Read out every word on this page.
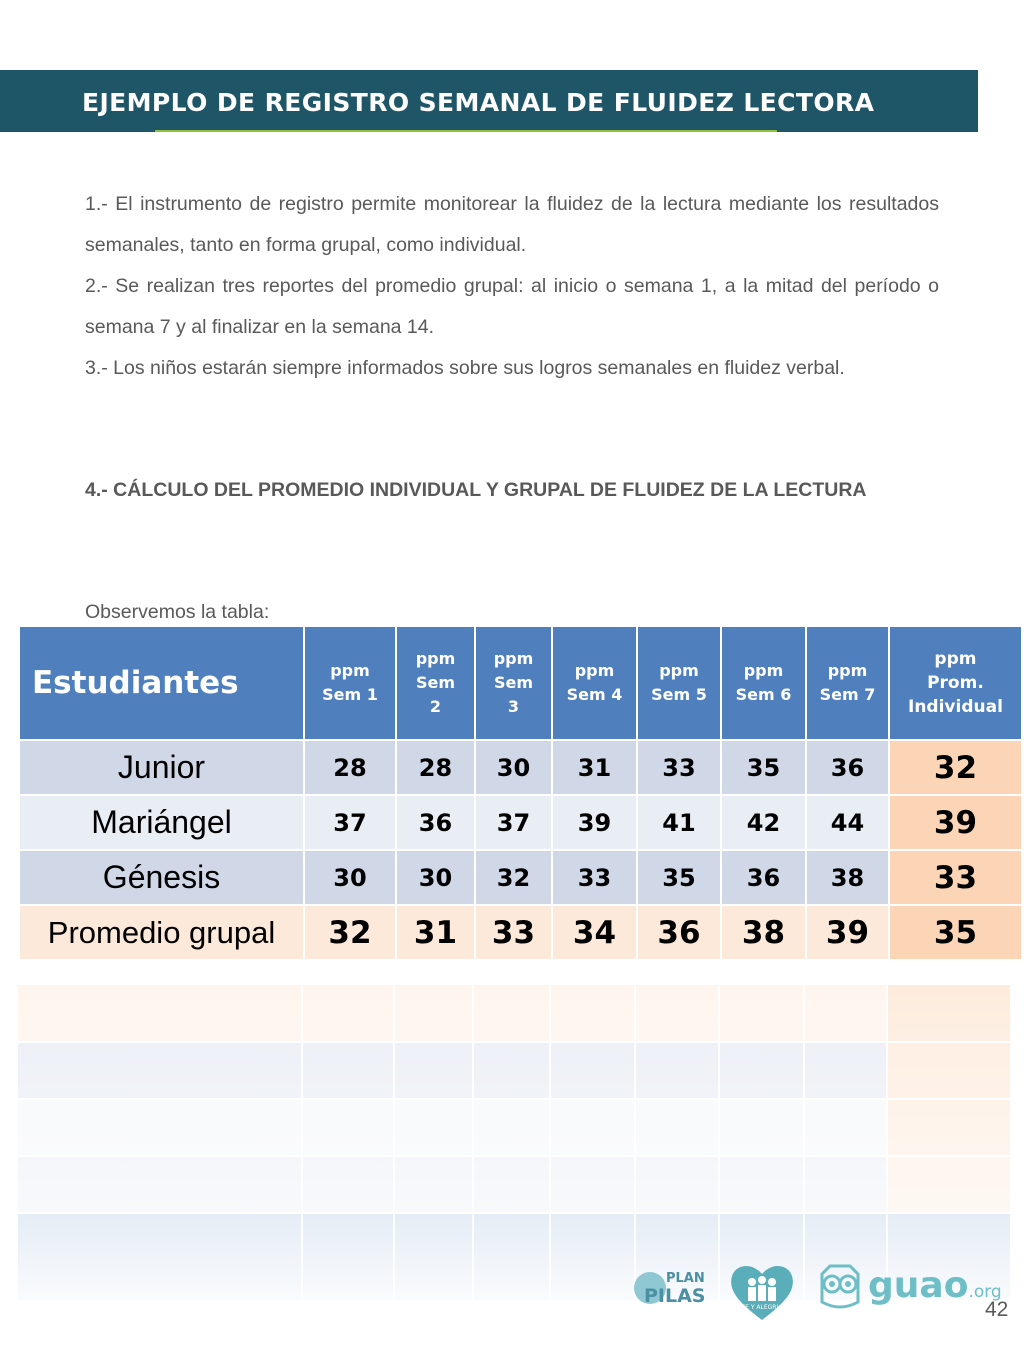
EJEMPLO DE REGISTRO SEMANAL DE FLUIDEZ LECTORA
1.- El instrumento de registro permite monitorear la fluidez de la lectura mediante los resultados semanales, tanto en forma grupal, como individual.
2.- Se realizan tres reportes del promedio grupal: al inicio o semana 1, a la mitad del período o semana 7 y al finalizar en la semana 14.
3.- Los niños estarán siempre informados sobre sus logros semanales en fluidez verbal.
4.- CÁLCULO DEL PROMEDIO INDIVIDUAL Y GRUPAL DE FLUIDEZ DE LA LECTURA
Observemos la tabla:
Estudiantes	ppm Sem 1	ppm Sem 2	ppm Sem 3	ppm Sem 4	ppm Sem 5	ppm Sem 6	ppm Sem 7	ppm Prom. Individual
Junior	28	28	30	31	33	35	36	32
Mariángel	37	36	37	39	41	42	44	39
Génesis	30	30	32	33	35	36	38	33
Promedio grupal	32	31	33	34	36	38	39	35
PLAN
PILAS
FE Y ALEGRIA
guao.org
42
